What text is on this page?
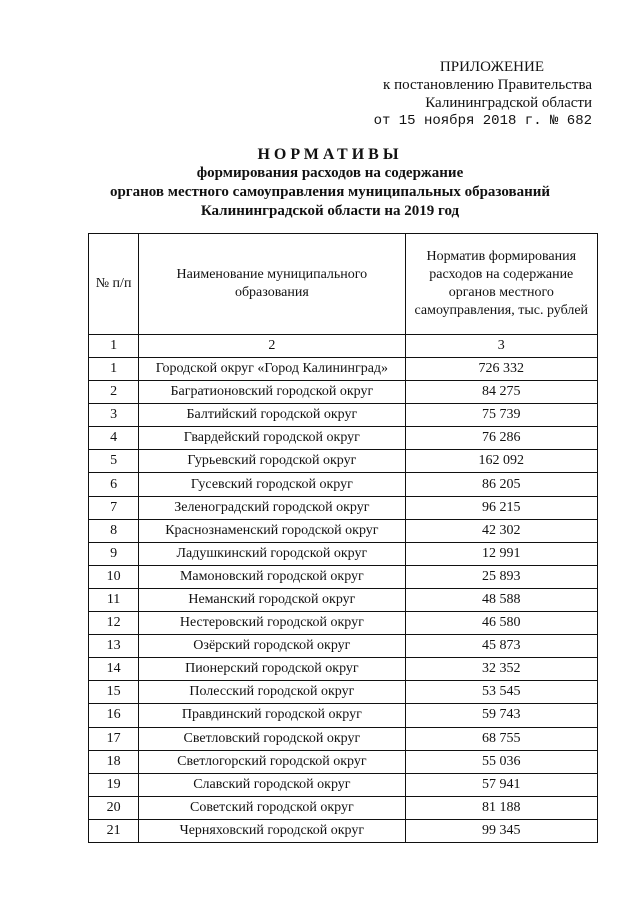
ПРИЛОЖЕНИЕ
к постановлению Правительства
Калининградской области
от 15 ноября 2018 г. № 682
НОРМАТИВЫ
формирования расходов на содержание
органов местного самоуправления муниципальных образований
Калининградской области на 2019 год
№ п/п	Наименование муниципального образования	Норматив формирования расходов на содержание органов местного самоуправления, тыс. рублей
1	2	3
1	Городской округ «Город Калининград»	726 332
2	Багратионовский городской округ	84 275
3	Балтийский городской округ	75 739
4	Гвардейский городской округ	76 286
5	Гурьевский городской округ	162 092
6	Гусевский городской округ	86 205
7	Зеленоградский городской округ	96 215
8	Краснознаменский городской округ	42 302
9	Ладушкинский городской округ	12 991
10	Мамоновский городской округ	25 893
11	Неманский городской округ	48 588
12	Нестеровский городской округ	46 580
13	Озёрский городской округ	45 873
14	Пионерский городской округ	32 352
15	Полесский городской округ	53 545
16	Правдинский городской округ	59 743
17	Светловский городской округ	68 755
18	Светлогорский городской округ	55 036
19	Славский городской округ	57 941
20	Советский городской округ	81 188
21	Черняховский городской округ	99 345
